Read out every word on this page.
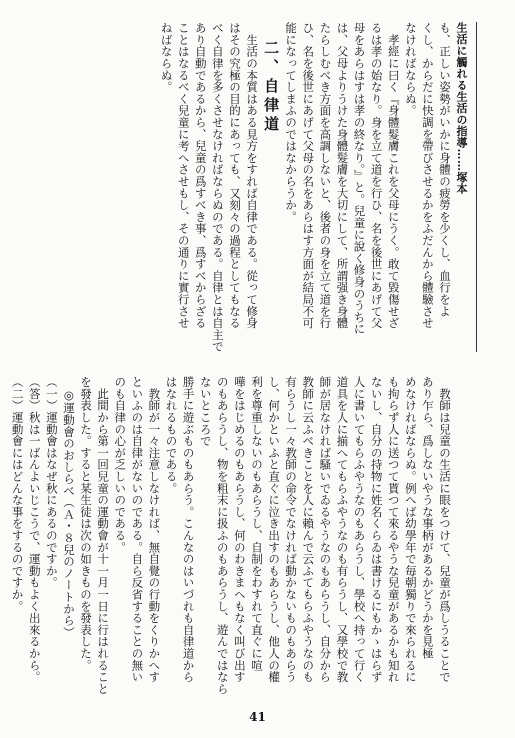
生活に觸れる生活の指導……塚本

も、正しい姿勢がいかに身體の疲勞を少くし、血行をよ

くし、からだに快調を帶びさせるかをふだんから體驗させ

なければならぬ。

　孝經に曰く『身體髮膚これを父母にうく。敢て毀傷せざ

るは孝の始なり。身を立て道を行ひ、名を後世にあげて父

母をあらはすは孝の終なり。』と。兒童に說く修身のうちに

は、父母よりうけた身體髮膚を大切にして、所謂强き身體

たらしむべき方面を高調しないと、後者の身を立て道を行

ひ、名を後世にあげて父母の名をあらはす方面が結局不可

能になってしまふのではなからうか。

二、自律道

　生活の本質はある見方をすれば自律である。從って修身

はその究極の目的にあっても、又刻々の過程としてもなる

べく自律を多くさせなければならぬのである。自律とは自主で

あり自動であるから、兒童の爲すべき事、爲すべからざる

ことはなるべく兒童に考へさせもし、その通りに實行させ

ねばならぬ。

　教師は兒童の生活に眼をつけて、兒童が爲しうることで

あり乍ら、爲しないやうな事柄があるかどうかを見極

めなければならぬ。例へば幼學年で毎朝獨りで來られるに

も拘らず人に送つて貰つて來るやうな兒童があるかも知れ

ないし、自分の持物に姓名くらゐは書けるにもかゝはらず

人に書いてもらふやうなのもあらうし、學校へ持って行く

道具を人に揃へてもらふやうなのも有らうし、又學校で教

師が居なければ騷いでゐるやうなのもあらうし、自分から

教師に云ふべきことを人に賴んで云ふてもらふやうなのも

有らうし一々教師の命令でなければ動かないものもあらう

し、何かといふと直ぐに泣き出すのもあらうし、他人の權

利を尊重しないのもあらうし、自制をわすれて直ぐに喧

嘩をはじめるのもあらうし、何のわきまへもなく叫び出す

のもあらうし、物を粗末に扱ふのもあらうし、遊んではならないところで

勝手に遊ぶものもあらう。こんなのはいづれも自律道から

はなれるものである。

　教師が一々注意しなければ、無自覺の行動をくりかへす

といふのは自律がないのである。自ら反省することの無い

のも自律の心が乏しいのである。

　此間から第一回兒童の運動會が十一月一日に行はれること

を發表した。すると某生徒は次の如きものを發表した。

　◎運動會のおしらべ（Ａ・８兒のノートから）

（一）運動會はなぜ秋にあるのですか。

（答）秋は一ばんよいじこうで、運動もよく出來るから。

（二）運動會にはどんな事をするのですか。

41
